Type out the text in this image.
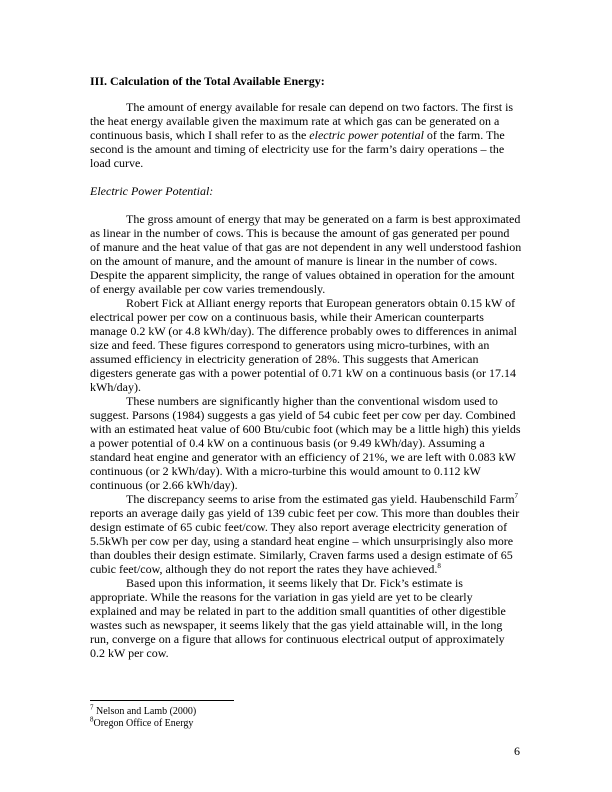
III. Calculation of the Total Available Energy:

The amount of energy available for resale can depend on two factors. The first is the heat energy available given the maximum rate at which gas can be generated on a continuous basis, which I shall refer to as the electric power potential of the farm. The second is the amount and timing of electricity use for the farm’s dairy operations – the load curve.

Electric Power Potential:

The gross amount of energy that may be generated on a farm is best approximated as linear in the number of cows. This is because the amount of gas generated per pound of manure and the heat value of that gas are not dependent in any well understood fashion on the amount of manure, and the amount of manure is linear in the number of cows. Despite the apparent simplicity, the range of values obtained in operation for the amount of energy available per cow varies tremendously.

Robert Fick at Alliant energy reports that European generators obtain 0.15 kW of electrical power per cow on a continuous basis, while their American counterparts manage 0.2 kW (or 4.8 kWh/day). The difference probably owes to differences in animal size and feed. These figures correspond to generators using micro-turbines, with an assumed efficiency in electricity generation of 28%. This suggests that American digesters generate gas with a power potential of 0.71 kW on a continuous basis (or 17.14 kWh/day).

These numbers are significantly higher than the conventional wisdom used to suggest. Parsons (1984) suggests a gas yield of 54 cubic feet per cow per day. Combined with an estimated heat value of 600 Btu/cubic foot (which may be a little high) this yields a power potential of 0.4 kW on a continuous basis (or 9.49 kWh/day). Assuming a standard heat engine and generator with an efficiency of 21%, we are left with 0.083 kW continuous (or 2 kWh/day). With a micro-turbine this would amount to 0.112 kW continuous (or 2.66 kWh/day).

The discrepancy seems to arise from the estimated gas yield. Haubenschild Farm$^7$ reports an average daily gas yield of 139 cubic feet per cow. This more than doubles their design estimate of 65 cubic feet/cow. They also report average electricity generation of 5.5kWh per cow per day, using a standard heat engine – which unsurprisingly also more than doubles their design estimate. Similarly, Craven farms used a design estimate of 65 cubic feet/cow, although they do not report the rates they have achieved.$^8$

Based upon this information, it seems likely that Dr. Fick’s estimate is appropriate. While the reasons for the variation in gas yield are yet to be clearly explained and may be related in part to the addition small quantities of other digestible wastes such as newspaper, it seems likely that the gas yield attainable will, in the long run, converge on a figure that allows for continuous electrical output of approximately 0.2 kW per cow.

$^7$ Nelson and Lamb (2000)
$^8$Oregon Office of Energy
6
